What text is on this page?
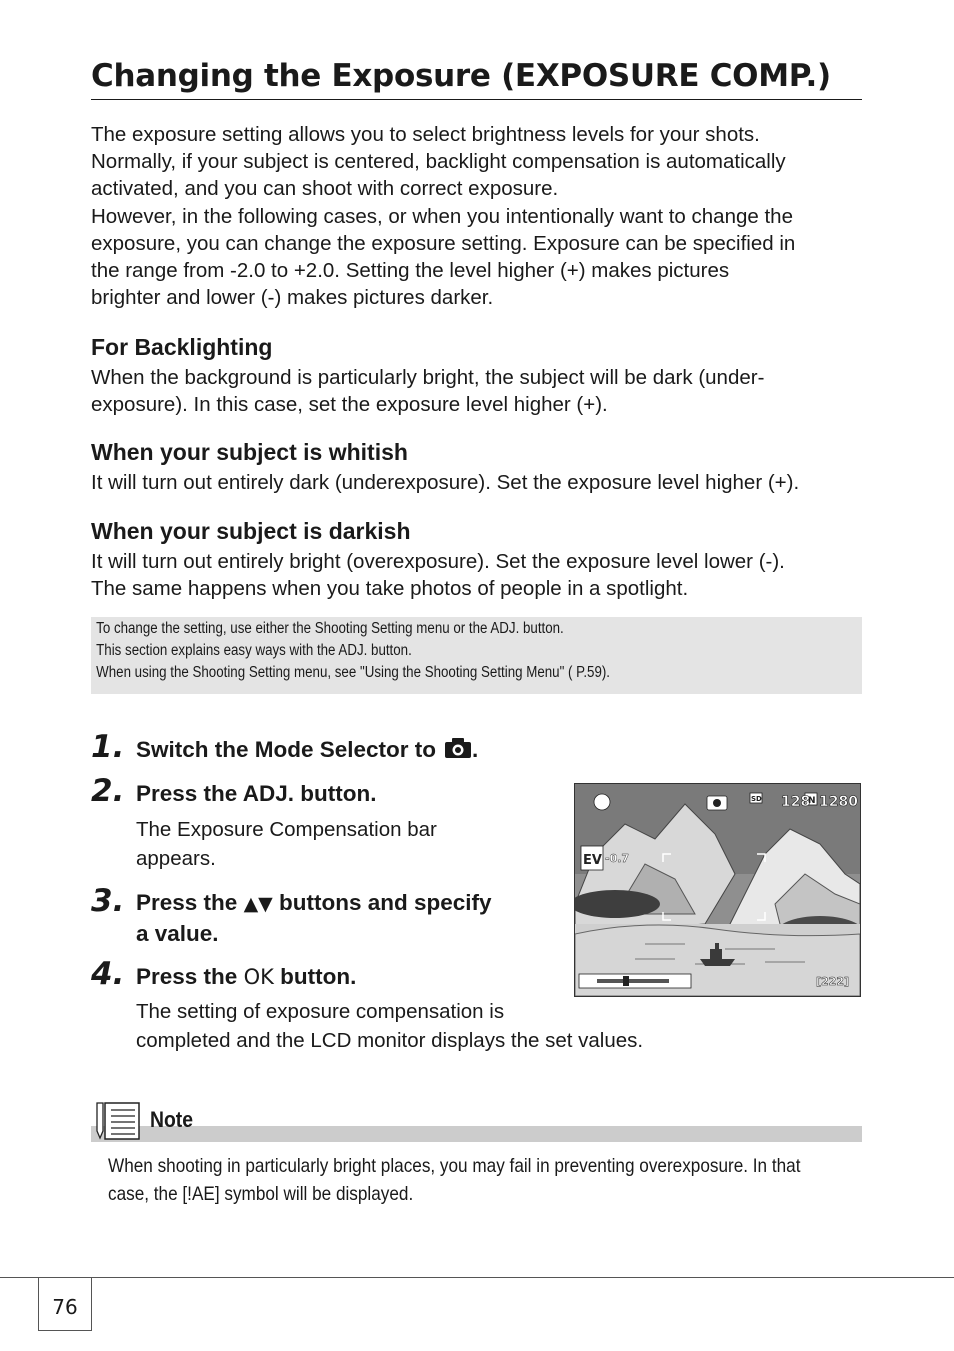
Changing the Exposure (EXPOSURE COMP.)
The exposure setting allows you to select brightness levels for your shots.
Normally, if your subject is centered, backlight compensation is automatically
activated, and you can shoot with correct exposure.
However, in the following cases, or when you intentionally want to change the
exposure, you can change the exposure setting. Exposure can be specified in
the range from -2.0 to +2.0. Setting the level higher (+) makes pictures
brighter and lower (-) makes pictures darker.
For Backlighting
When the background is particularly bright, the subject will be dark (under-
exposure). In this case, set the exposure level higher (+).
When your subject is whitish
It will turn out entirely dark (underexposure). Set the exposure level higher (+).
When your subject is darkish
It will turn out entirely bright (overexposure). Set the exposure level lower (-).
The same happens when you take photos of people in a spotlight.
To change the setting, use either the Shooting Setting menu or the ADJ. button.
This section explains easy ways with the ADJ. button.
When using the Shooting Setting menu, see "Using the Shooting Setting Menu" ( P.59).
1. Switch the Mode Selector to .
2. Press the ADJ. button.
The Exposure Compensation bar
appears.
3. Press the ▲▼ buttons and specify
a value.
4. Press the OK button.
The setting of exposure compensation is
completed and the LCD monitor displays the set values.
128
N 1280
SD
EV -0.7
[222]
Note
When shooting in particularly bright places, you may fail in preventing overexposure. In that
case, the [!AE] symbol will be displayed.
76
